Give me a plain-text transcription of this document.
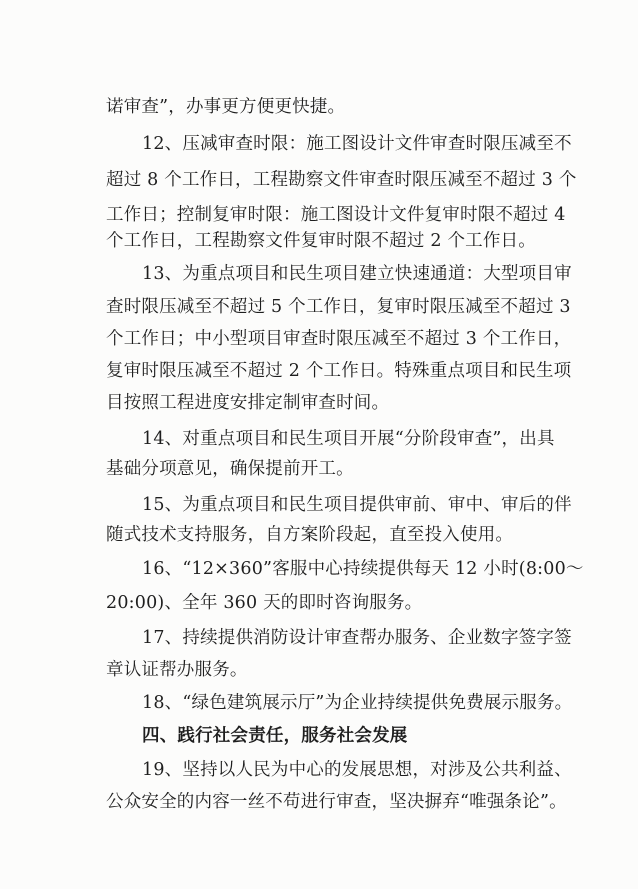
诺审查”，办事更方便更快捷。
12、压减审查时限：施工图设计文件审查时限压减至不
超过 8 个工作日，工程勘察文件审查时限压减至不超过 3 个
工作日；控制复审时限：施工图设计文件复审时限不超过 4
个工作日，工程勘察文件复审时限不超过 2 个工作日。
13、为重点项目和民生项目建立快速通道：大型项目审
查时限压减至不超过 5 个工作日，复审时限压减至不超过 3
个工作日；中小型项目审查时限压减至不超过 3 个工作日，
复审时限压减至不超过 2 个工作日。特殊重点项目和民生项
目按照工程进度安排定制审查时间。
14、对重点项目和民生项目开展“分阶段审查”，出具
基础分项意见，确保提前开工。
15、为重点项目和民生项目提供审前、审中、审后的伴
随式技术支持服务，自方案阶段起，直至投入使用。
16、“12×360”客服中心持续提供每天 12 小时(8:00～
20:00)、全年 360 天的即时咨询服务。
17、持续提供消防设计审查帮办服务、企业数字签字签
章认证帮办服务。
18、“绿色建筑展示厅”为企业持续提供免费展示服务。
四、践行社会责任，服务社会发展
19、坚持以人民为中心的发展思想，对涉及公共利益、
公众安全的内容一丝不苟进行审查，坚决摒弃“唯强条论”。
